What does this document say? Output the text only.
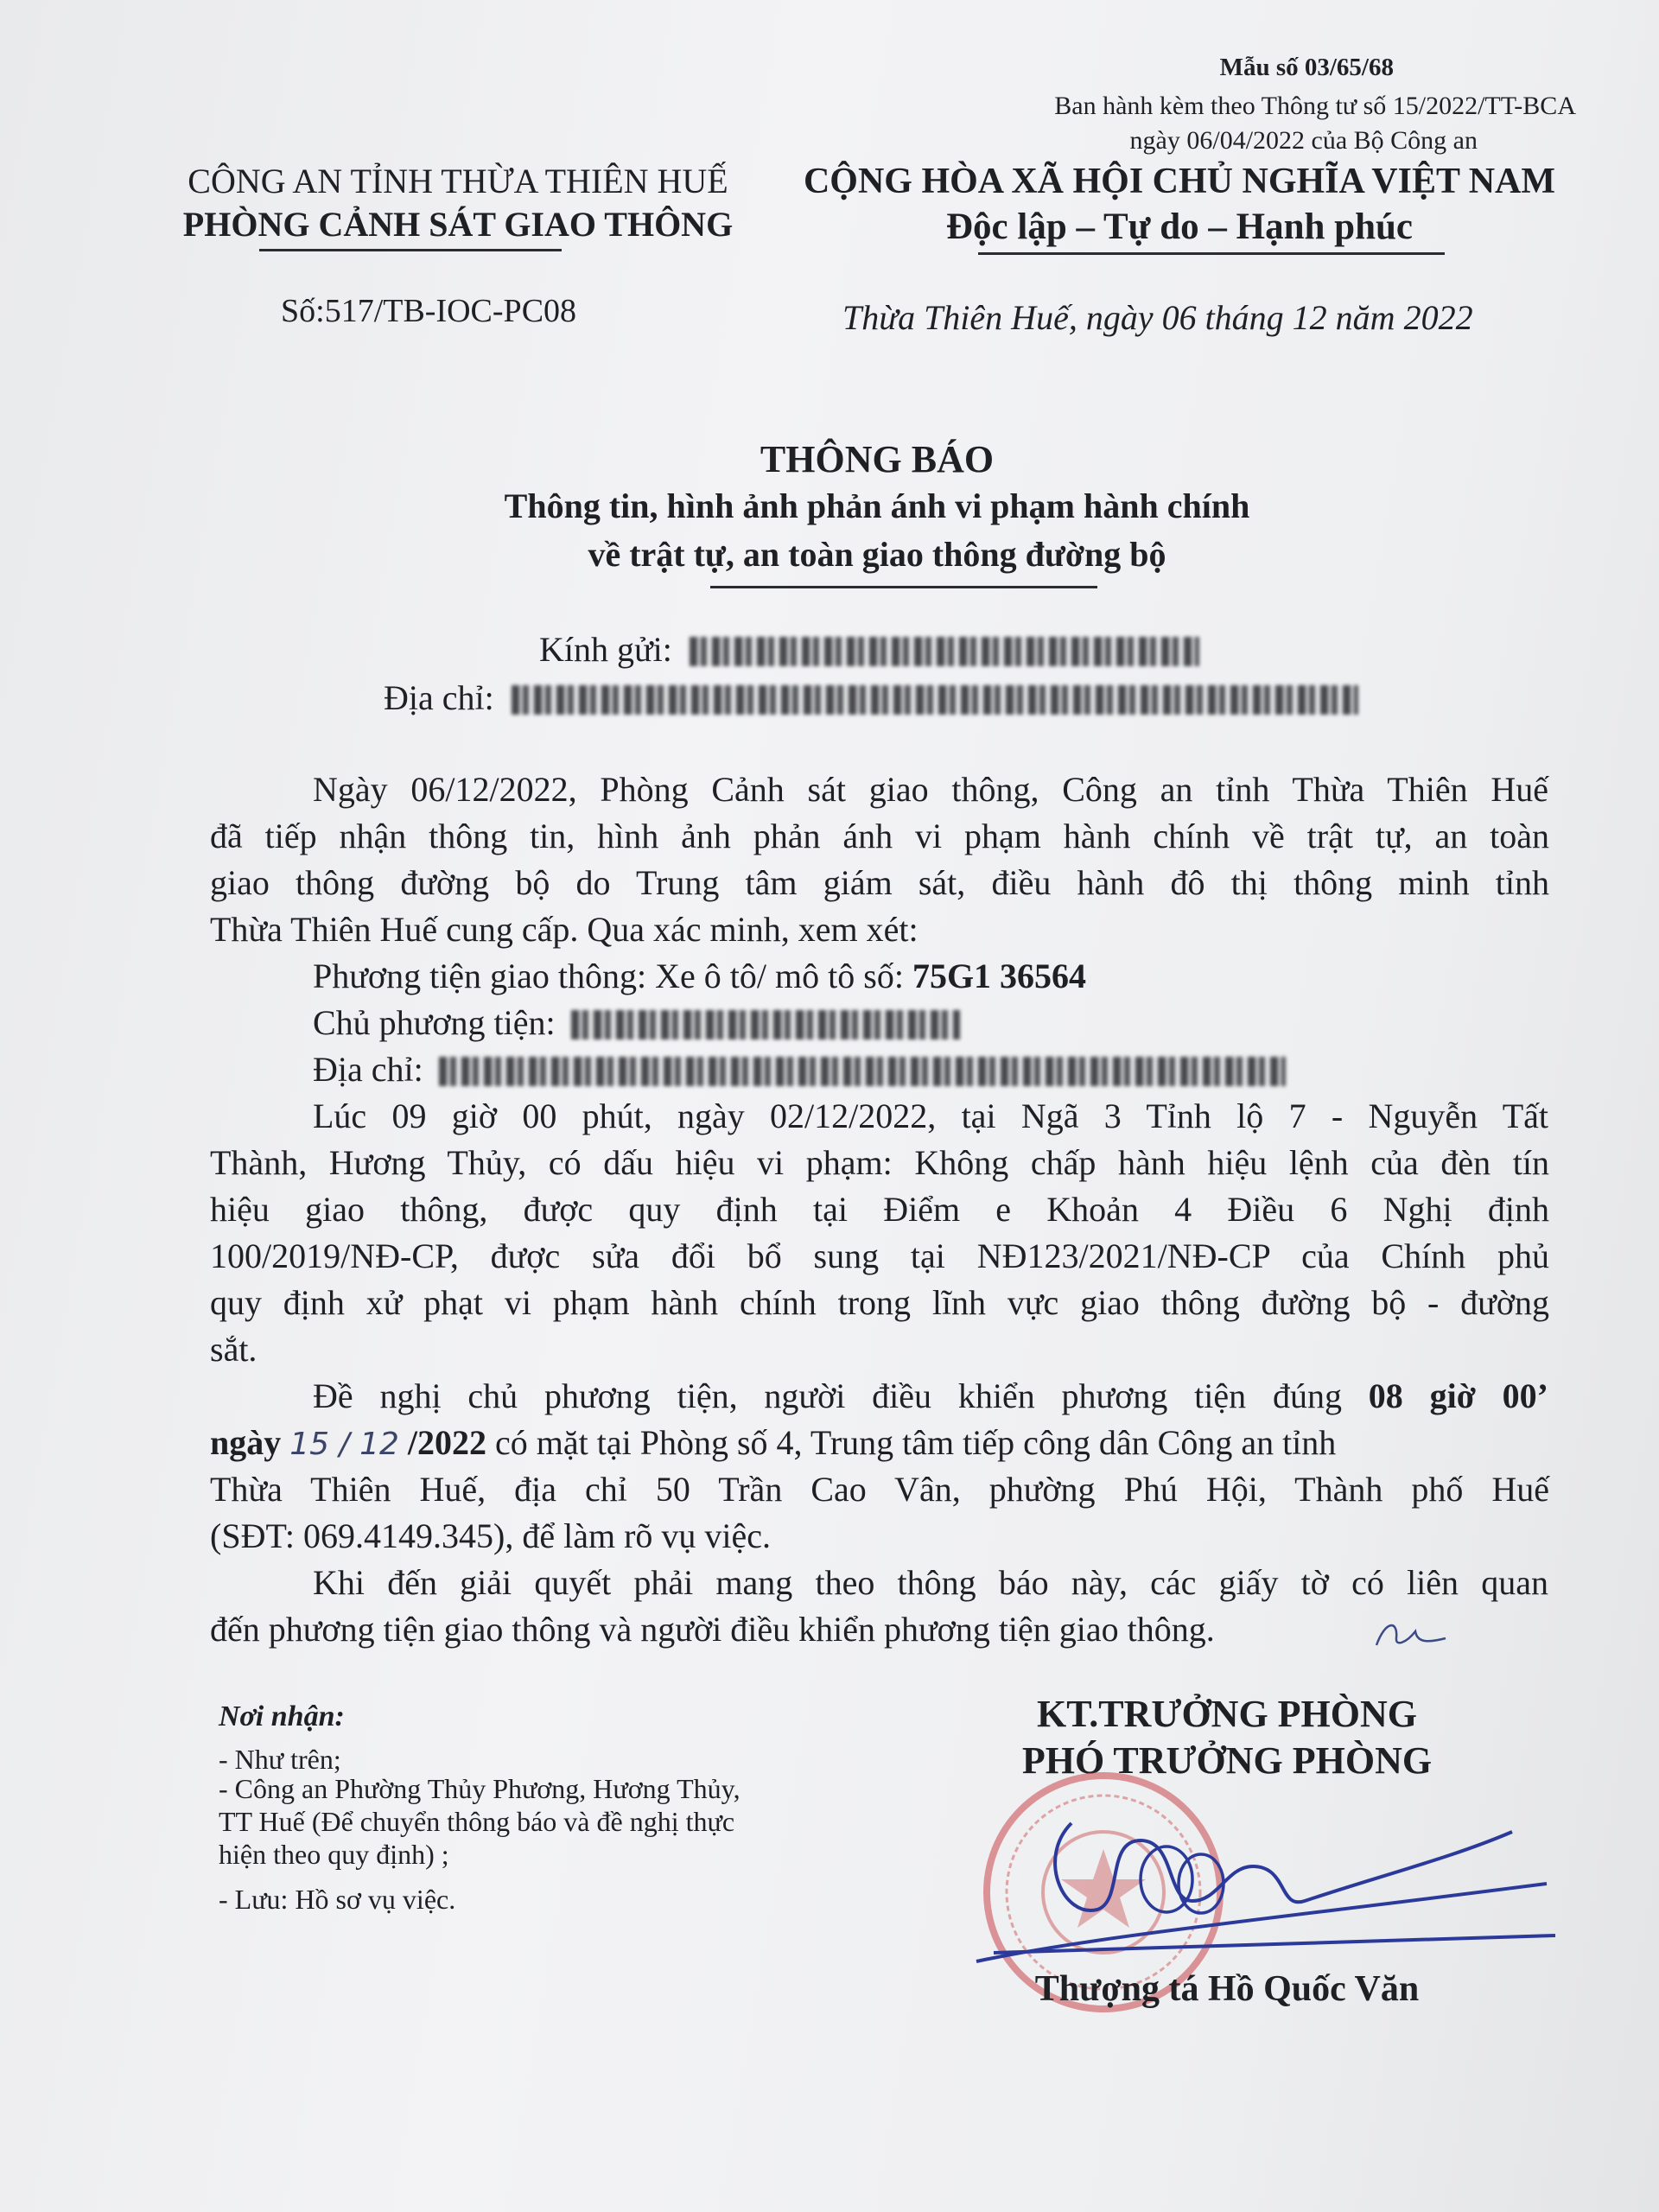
Mẫu số 03/65/68
Ban hành kèm theo Thông tư số 15/2022/TT-BCA
ngày 06/04/2022 của Bộ Công an
CÔNG AN TỈNH THỪA THIÊN HUẾ
PHÒNG CẢNH SÁT GIAO THÔNG
Số:517/TB-IOC-PC08
CỘNG HÒA XÃ HỘI CHỦ NGHĨA VIỆT NAM
Độc lập – Tự do – Hạnh phúc
Thừa Thiên Huế, ngày 06 tháng 12 năm 2022
THÔNG BÁO
Thông tin, hình ảnh phản ánh vi phạm hành chính
về trật tự, an toàn giao thông đường bộ
Kính gửi:
Địa chỉ:
Ngày 06/12/2022, Phòng Cảnh sát giao thông, Công an tỉnh Thừa Thiên Huế
đã tiếp nhận thông tin, hình ảnh phản ánh vi phạm hành chính về trật tự, an toàn
giao thông đường bộ do Trung tâm giám sát, điều hành đô thị thông minh tỉnh
Thừa Thiên Huế cung cấp. Qua xác minh, xem xét:
Phương tiện giao thông: Xe ô tô/ mô tô số: 75G1 36564
Chủ phương tiện:
Địa chỉ:
Lúc 09 giờ 00 phút, ngày 02/12/2022, tại Ngã 3 Tỉnh lộ 7 - Nguyễn Tất
Thành, Hương Thủy, có dấu hiệu vi phạm: Không chấp hành hiệu lệnh của đèn tín
hiệu giao thông, được quy định tại Điểm e Khoản 4 Điều 6 Nghị định
100/2019/NĐ-CP, được sửa đổi bổ sung tại NĐ123/2021/NĐ-CP của Chính phủ
quy định xử phạt vi phạm hành chính trong lĩnh vực giao thông đường bộ - đường
sắt.
Đề nghị chủ phương tiện, người điều khiển phương tiện đúng 08 giờ 00’
ngày 15 / 12 /2022 có mặt tại Phòng số 4, Trung tâm tiếp công dân Công an tỉnh
Thừa Thiên Huế, địa chỉ 50 Trần Cao Vân, phường Phú Hội, Thành phố Huế
(SĐT: 069.4149.345), để làm rõ vụ việc.
Khi đến giải quyết phải mang theo thông báo này, các giấy tờ có liên quan
đến phương tiện giao thông và người điều khiển phương tiện giao thông.
Nơi nhận:
- Như trên;
- Công an Phường Thủy Phương, Hương Thủy,
TT Huế (Để chuyển thông báo và đề nghị thực
hiện theo quy định) ;
- Lưu: Hồ sơ vụ việc.
KT.TRƯỞNG PHÒNG
PHÓ TRƯỞNG PHÒNG
Thượng tá Hồ Quốc Văn
